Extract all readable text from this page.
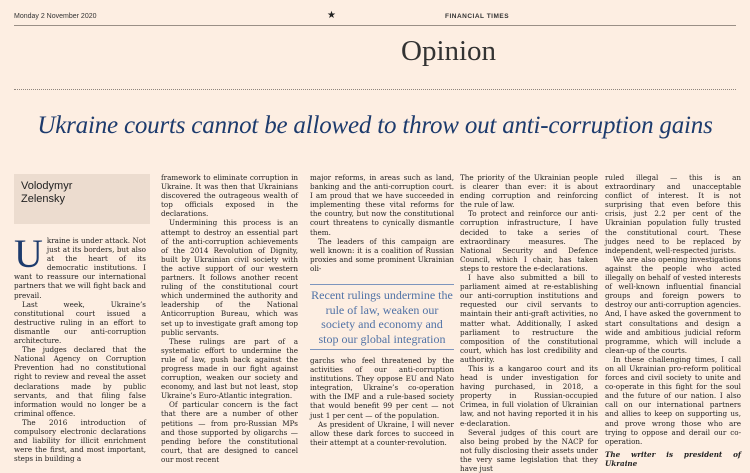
Monday 2 November 2020	★	FINANCIAL TIMES
Opinion
Ukraine courts cannot be allowed to throw out anti-corruption gains
Volodymyr
Zelensky

Ukraine is under attack. Not just at its borders, but also at the heart of its democratic institutions. I want to reassure our international partners that we will fight back and prevail.

Last week, Ukraine’s constitutional court issued a destructive ruling in an effort to dismantle our anti-corruption architecture.

The judges declared that the National Agency on Corruption Prevention had no constitutional right to review and reveal the asset declarations made by public servants, and that filing false information would no longer be a criminal offence.

The 2016 introduction of compulsory electronic declarations and liability for illicit enrichment were the first, and most important, steps in building a

framework to eliminate corruption in Ukraine. It was then that Ukrainians discovered the outrageous wealth of top officials exposed in the declarations.

Undermining this process is an attempt to destroy an essential part of the anti-corruption achievements of the 2014 Revolution of Dignity, built by Ukrainian civil society with the active support of our western partners. It follows another recent ruling of the constitutional court which undermined the authority and leadership of the National Anticorruption Bureau, which was set up to investigate graft among top public servants.

These rulings are part of a systematic effort to undermine the rule of law, push back against the progress made in our fight against corruption, weaken our society and economy, and last but not least, stop Ukraine’s Euro-Atlantic integration.

Of particular concern is the fact that there are a number of other petitions — from pro-Russian MPs and those supported by oligarchs — pending before the constitutional court, that are designed to cancel our most recent

major reforms, in areas such as land, banking and the anti-corruption court. I am proud that we have succeeded in implementing these vital reforms for the country, but now the constitutional court threatens to cynically dismantle them.

The leaders of this campaign are well known: it is a coalition of Russian proxies and some prominent Ukrainian oli-

Recent rulings undermine the rule of law, weaken our society and economy and stop our global integration

garchs who feel threatened by the activities of our anti-corruption institutions. They oppose EU and Nato integration, Ukraine’s co-operation with the IMF and a rule-based society that would benefit 99 per cent — not just 1 per cent — of the population.

As president of Ukraine, I will never allow these dark forces to succeed in their attempt at a counter-revolution.

The priority of the Ukrainian people is clearer than ever: it is about ending corruption and reinforcing the rule of law.

To protect and reinforce our anti-corruption infrastructure, I have decided to take a series of extraordinary measures. The National Security and Defence Council, which I chair, has taken steps to restore the e-declarations.

I have also submitted a bill to parliament aimed at re-establishing our anti-corruption institutions and requested our civil servants to maintain their anti-graft activities, no matter what. Additionally, I asked parliament to restructure the composition of the constitutional court, which has lost credibility and authority.

This is a kangaroo court and its head is under investigation for having purchased, in 2018, a property in Russian-occupied Crimea, in full violation of Ukrainian law, and not having reported it in his e-declaration.

Several judges of this court are also being probed by the NACP for not fully disclosing their assets under the very same legislation that they have just

ruled illegal — this is an extraordinary and unacceptable conflict of interest. It is not surprising that even before this crisis, just 2.2 per cent of the Ukrainian population fully trusted the constitutional court. These judges need to be replaced by independent, well-respected jurists.

We are also opening investigations against the people who acted illegally on behalf of vested interests of well-known influential financial groups and foreign powers to destroy our anti-corruption agencies. And, I have asked the government to start consultations and design a wide and ambitious judicial reform programme, which will include a clean-up of the courts.

In these challenging times, I call on all Ukrainian pro-reform political forces and civil society to unite and co-operate in this fight for the soul and the future of our nation. I also call on our international partners and allies to keep on supporting us, and prove wrong those who are trying to oppose and derail our co-operation.

The writer is president of Ukraine
